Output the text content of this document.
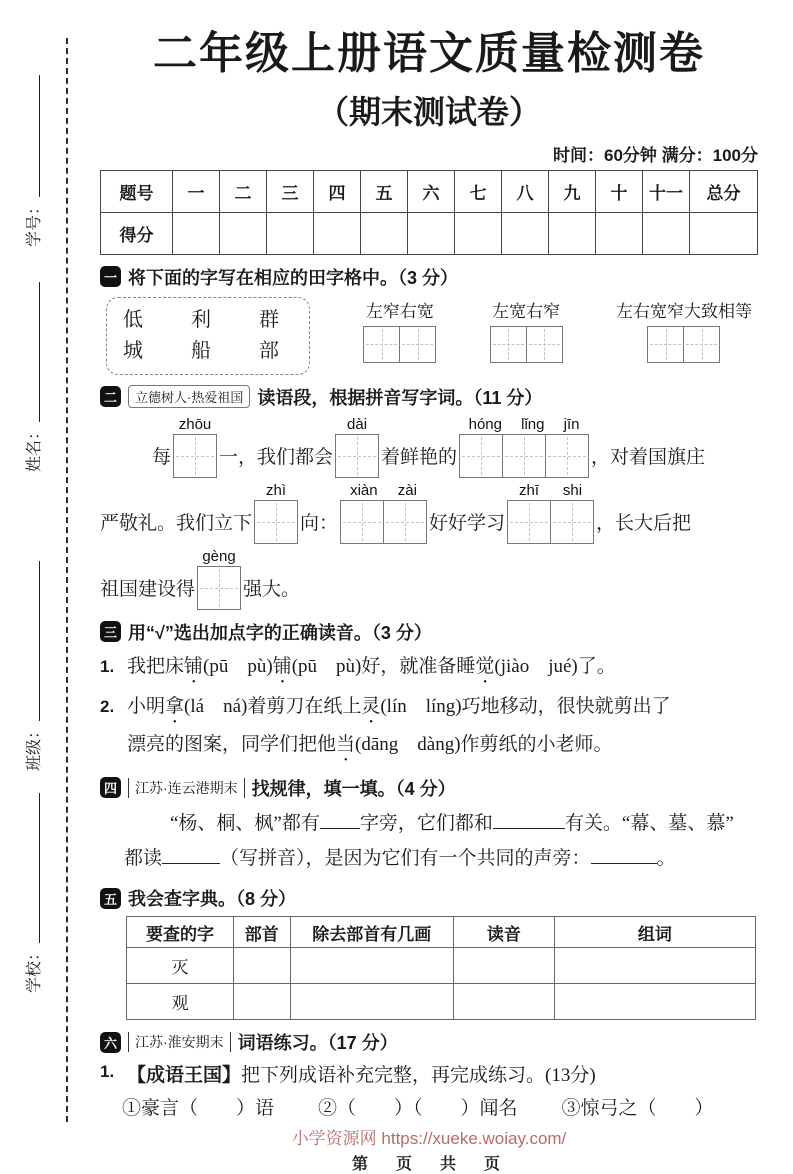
学号：
姓名：
班级：
学校：
二年级上册语文质量检测卷
（期末测试卷）
时间：60分钟 满分：100分
题号	一	二	三	四	五	六	七	八	九	十	十一	总分
得分												
一 将下面的字写在相应的田字格中。（3 分）
低　利　群
城　船　部
左窄右宽	左宽右窄	左右宽窄大致相等
二	立德树人·热爱祖国 读语段，根据拼音写字词。（11 分）
每
zhōu
一，我们都会
dài
着鲜艳的
hóng lǐng jīn
，对着国旗庄
严敬礼。我们立下
zhì
向：
xiàn zài
好好学习
zhī shi
，长大后把
祖国建设得
gèng
强大。
三 用“√”选出加点字的正确读音。（3 分）
1. 我把床铺(pū　pù)铺(pū　pù)好，就准备睡觉(jiào　jué)了。
2. 小明拿(lá　ná)着剪刀在纸上灵(lín　líng)巧地移动，很快就剪出了
漂亮的图案，同学们把他当(dāng　dàng)作剪纸的小老师。
四	江苏·连云港期末 找规律，填一填。（4 分）
“杨、桐、枫”都有 字旁，它们都和	有关。“幕、墓、慕”
都读	（写拼音），是因为它们有一个共同的声旁：	。
五 我会查字典。（8 分）
要查的字	部首	除去部首有几画	读音	组词
灭				
观				
六	江苏·淮安期末 词语练习。（17 分）
1. 【成语王国】 把下列成语补充完整，再完成练习。(13分)
①豪言（　　）语 ②（　　）（　　）闻名 ③惊弓之（　　）
小学资源网 https://xueke.woiay.com/
第　页　共　页
